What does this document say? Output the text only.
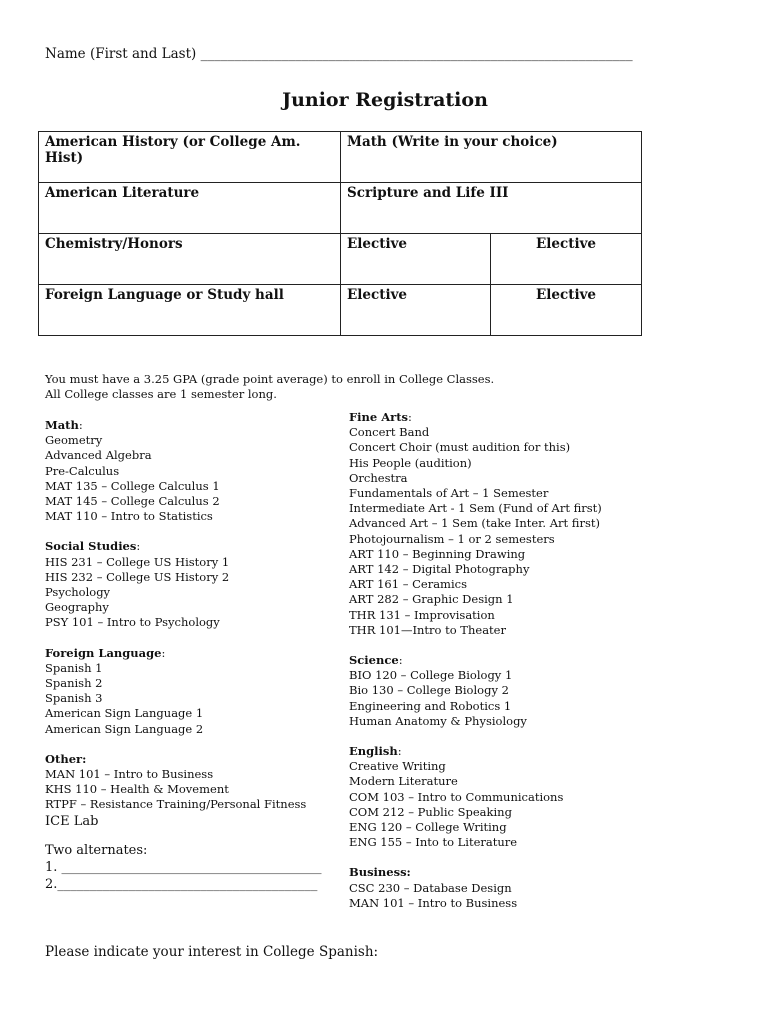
Name (First and Last) ________________________________________________________________
Junior Registration
American History (or College Am. Hist)	Math (Write in your choice)	
American Literature	Scripture and Life III	
Chemistry/Honors	Elective	Elective
Foreign Language or Study hall	Elective	Elective
You must have a 3.25 GPA (grade point average) to enroll in College Classes.
All College classes are 1 semester long.
Math:
Geometry
Advanced Algebra
Pre-Calculus
MAT 135 – College Calculus 1
MAT 145 – College Calculus 2
MAT 110 – Intro to Statistics
Social Studies:
HIS 231 – College US History 1
HIS 232 – College US History 2
Psychology
Geography
PSY 101 – Intro to Psychology
Foreign Language:
Spanish 1
Spanish 2
Spanish 3
American Sign Language 1
American Sign Language 2
Other:
MAN 101 – Intro to Business
KHS 110 – Health & Movement
RTPF – Resistance Training/Personal Fitness
ICE Lab
Two alternates:
1. ________________________________________
2.________________________________________
Fine Arts:
Concert Band
Concert Choir (must audition for this)
His People (audition)
Orchestra
Fundamentals of Art – 1 Semester
Intermediate Art - 1 Sem (Fund of Art first)
Advanced Art – 1 Sem (take Inter. Art first)
Photojournalism – 1 or 2 semesters
ART 110 – Beginning Drawing
ART 142 – Digital Photography
ART 161 – Ceramics
ART 282 – Graphic Design 1
THR 131 – Improvisation
THR 101—Intro to Theater
Science:
BIO 120 – College Biology 1
Bio 130 – College Biology 2
Engineering and Robotics 1
Human Anatomy & Physiology
English:
Creative Writing
Modern Literature
COM 103 – Intro to Communications
COM 212 – Public Speaking
ENG 120 – College Writing
ENG 155 – Into to Literature
Business:
CSC 230 – Database Design
MAN 101 – Intro to Business
Please indicate your interest in College Spanish:
